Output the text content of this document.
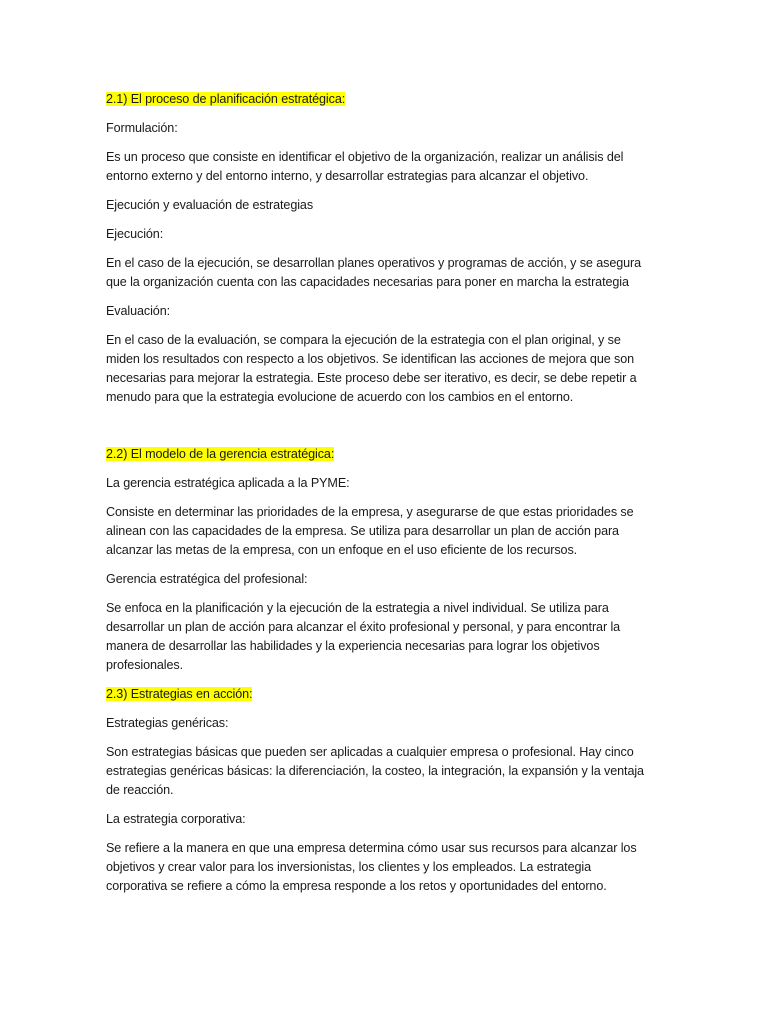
2.1) El proceso de planificación estratégica:

Formulación:

Es un proceso que consiste en identificar el objetivo de la organización, realizar un análisis del entorno externo y del entorno interno, y desarrollar estrategias para alcanzar el objetivo.

Ejecución y evaluación de estrategias

Ejecución:

En el caso de la ejecución, se desarrollan planes operativos y programas de acción, y se asegura que la organización cuenta con las capacidades necesarias para poner en marcha la estrategia

Evaluación:

En el caso de la evaluación, se compara la ejecución de la estrategia con el plan original, y se miden los resultados con respecto a los objetivos. Se identifican las acciones de mejora que son necesarias para mejorar la estrategia. Este proceso debe ser iterativo, es decir, se debe repetir a menudo para que la estrategia evolucione de acuerdo con los cambios en el entorno.

2.2) El modelo de la gerencia estratégica:

La gerencia estratégica aplicada a la PYME:

Consiste en determinar las prioridades de la empresa, y asegurarse de que estas prioridades se alinean con las capacidades de la empresa. Se utiliza para desarrollar un plan de acción para alcanzar las metas de la empresa, con un enfoque en el uso eficiente de los recursos.

Gerencia estratégica del profesional:

Se enfoca en la planificación y la ejecución de la estrategia a nivel individual. Se utiliza para desarrollar un plan de acción para alcanzar el éxito profesional y personal, y para encontrar la manera de desarrollar las habilidades y la experiencia necesarias para lograr los objetivos profesionales.

2.3) Estrategias en acción:

Estrategias genéricas:

Son estrategias básicas que pueden ser aplicadas a cualquier empresa o profesional. Hay cinco estrategias genéricas básicas: la diferenciación, la costeo, la integración, la expansión y la ventaja de reacción.

La estrategia corporativa:

Se refiere a la manera en que una empresa determina cómo usar sus recursos para alcanzar los objetivos y crear valor para los inversionistas, los clientes y los empleados. La estrategia corporativa se refiere a cómo la empresa responde a los retos y oportunidades del entorno.
